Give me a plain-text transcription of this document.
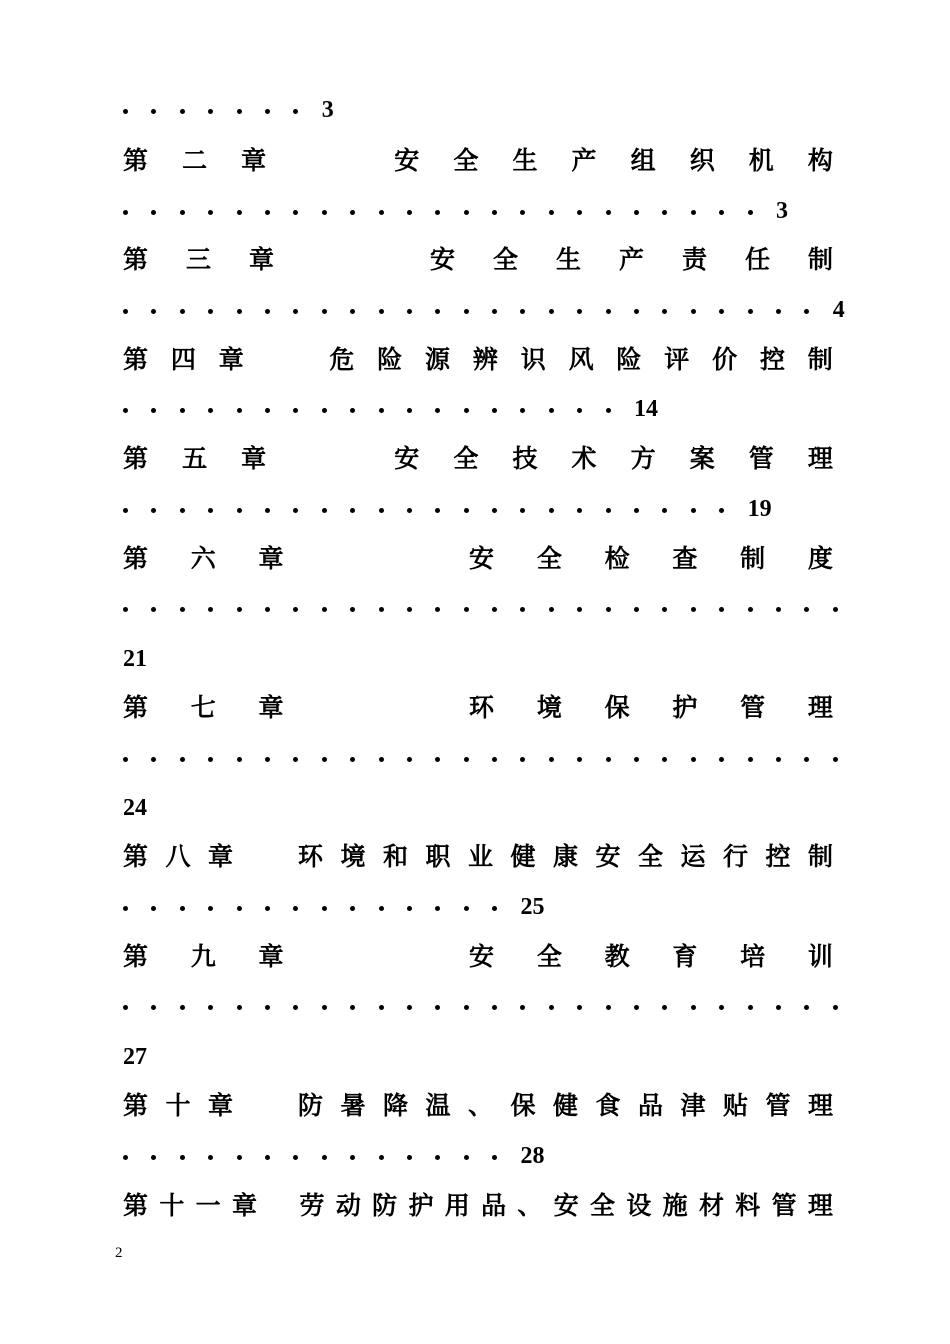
3
第 二 章	安 全 生 产 组 织 机 构
3
第 三 章	安 全 生 产 责 任 制
4
第 四 章	危 险 源 辨 识 风 险 评 价 控 制
14
第 五 章	安 全 技 术 方 案 管 理
19
第 六 章	安 全 检 查 制 度
21
第 七 章	环 境 保 护 管 理
24
第 八 章	环 境 和 职 业 健 康 安 全 运 行 控 制
25
第 九 章	安 全 教 育 培 训
27
第 十 章	防 暑 降 温 、 保 健 食 品 津 贴 管 理
28
第 十 一 章 劳 动 防 护 用 品 、 安 全 设 施 材 料 管 理
2
